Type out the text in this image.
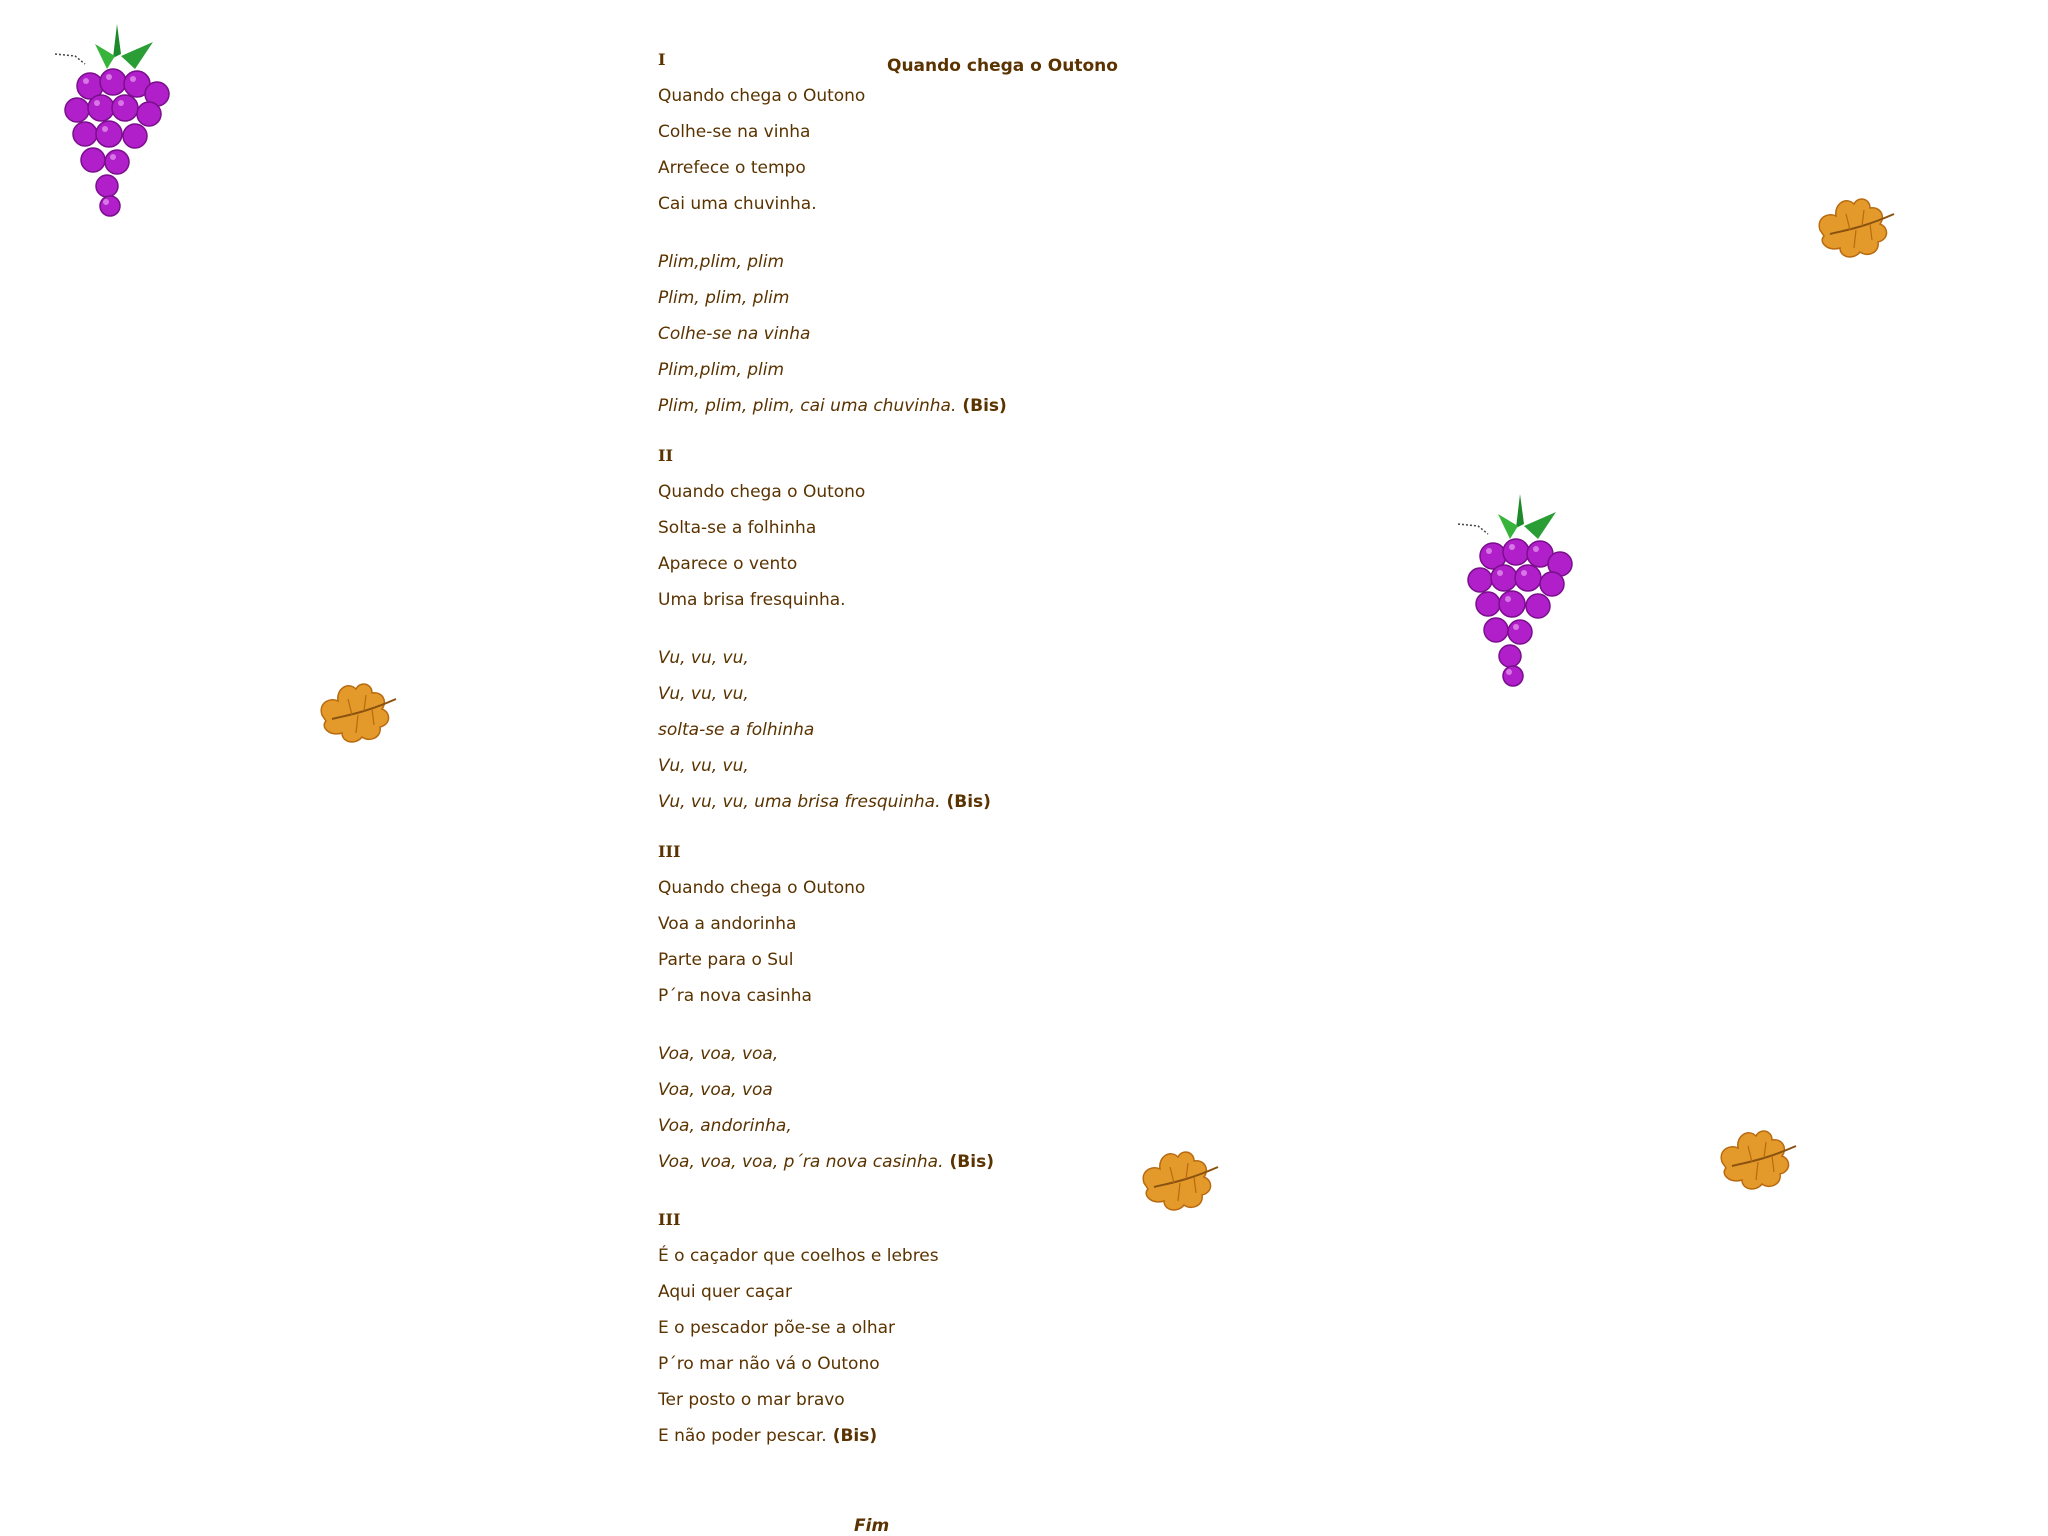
Quando chega o Outono
I
Quando chega o Outono
Colhe-se na vinha
Arrefece o tempo
Cai uma chuvinha.
Plim,plim, plim
Plim, plim, plim
Colhe-se na vinha
Plim,plim, plim
Plim, plim, plim, cai uma chuvinha. (Bis)
II
Quando chega o Outono
Solta-se a folhinha
Aparece o vento
Uma brisa fresquinha.
Vu, vu, vu,
Vu, vu, vu,
solta-se a folhinha
Vu, vu, vu,
Vu, vu, vu, uma brisa fresquinha. (Bis)
III
Quando chega o Outono
Voa a andorinha
Parte para o Sul
P´ra nova casinha
Voa, voa, voa,
Voa, voa, voa
Voa, andorinha,
Voa, voa, voa, p´ra nova casinha. (Bis)
III
É o caçador que coelhos e lebres
Aqui quer caçar
E o pescador põe-se a olhar
P´ro mar não vá o Outono
Ter posto o mar bravo
E não poder pescar. (Bis)
Fim
